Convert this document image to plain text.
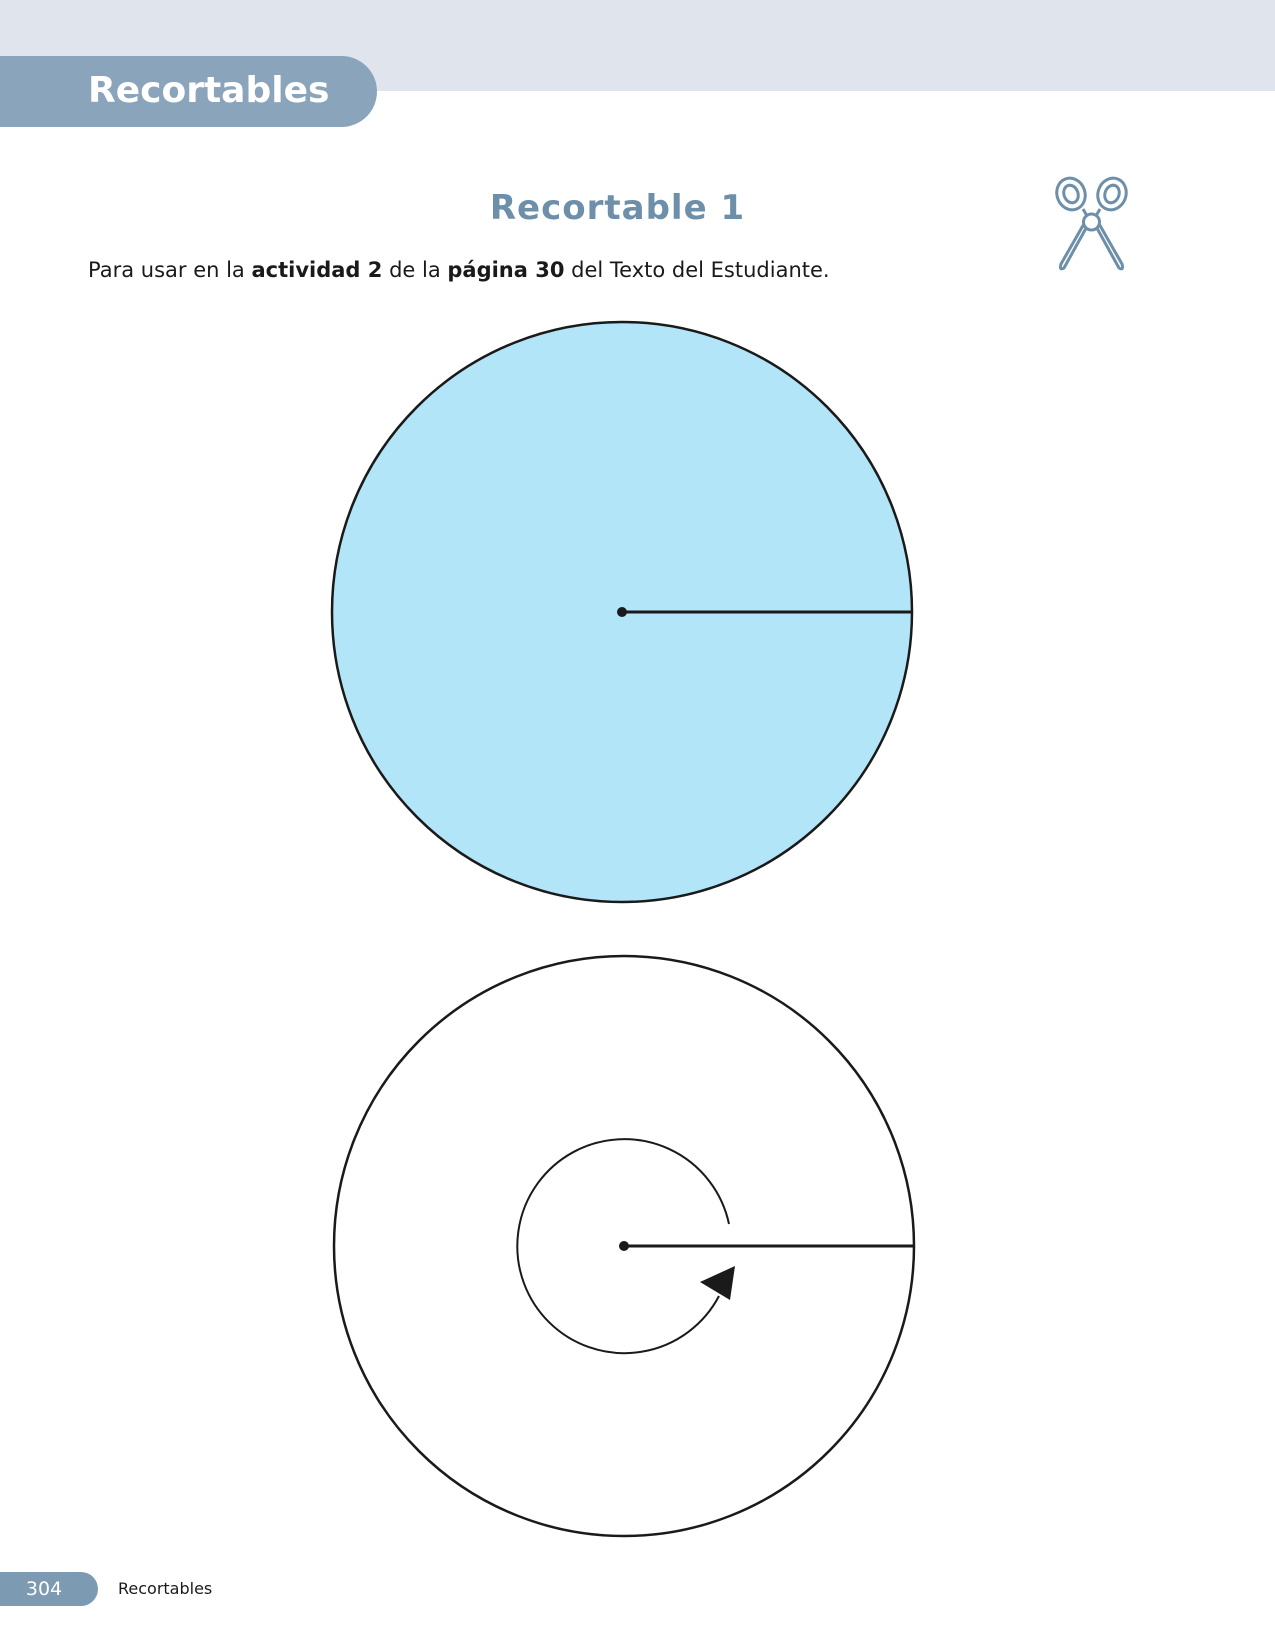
Recortables
Recortable 1
Para usar en la actividad 2 de la página 30 del Texto del Estudiante.
304	Recortables
